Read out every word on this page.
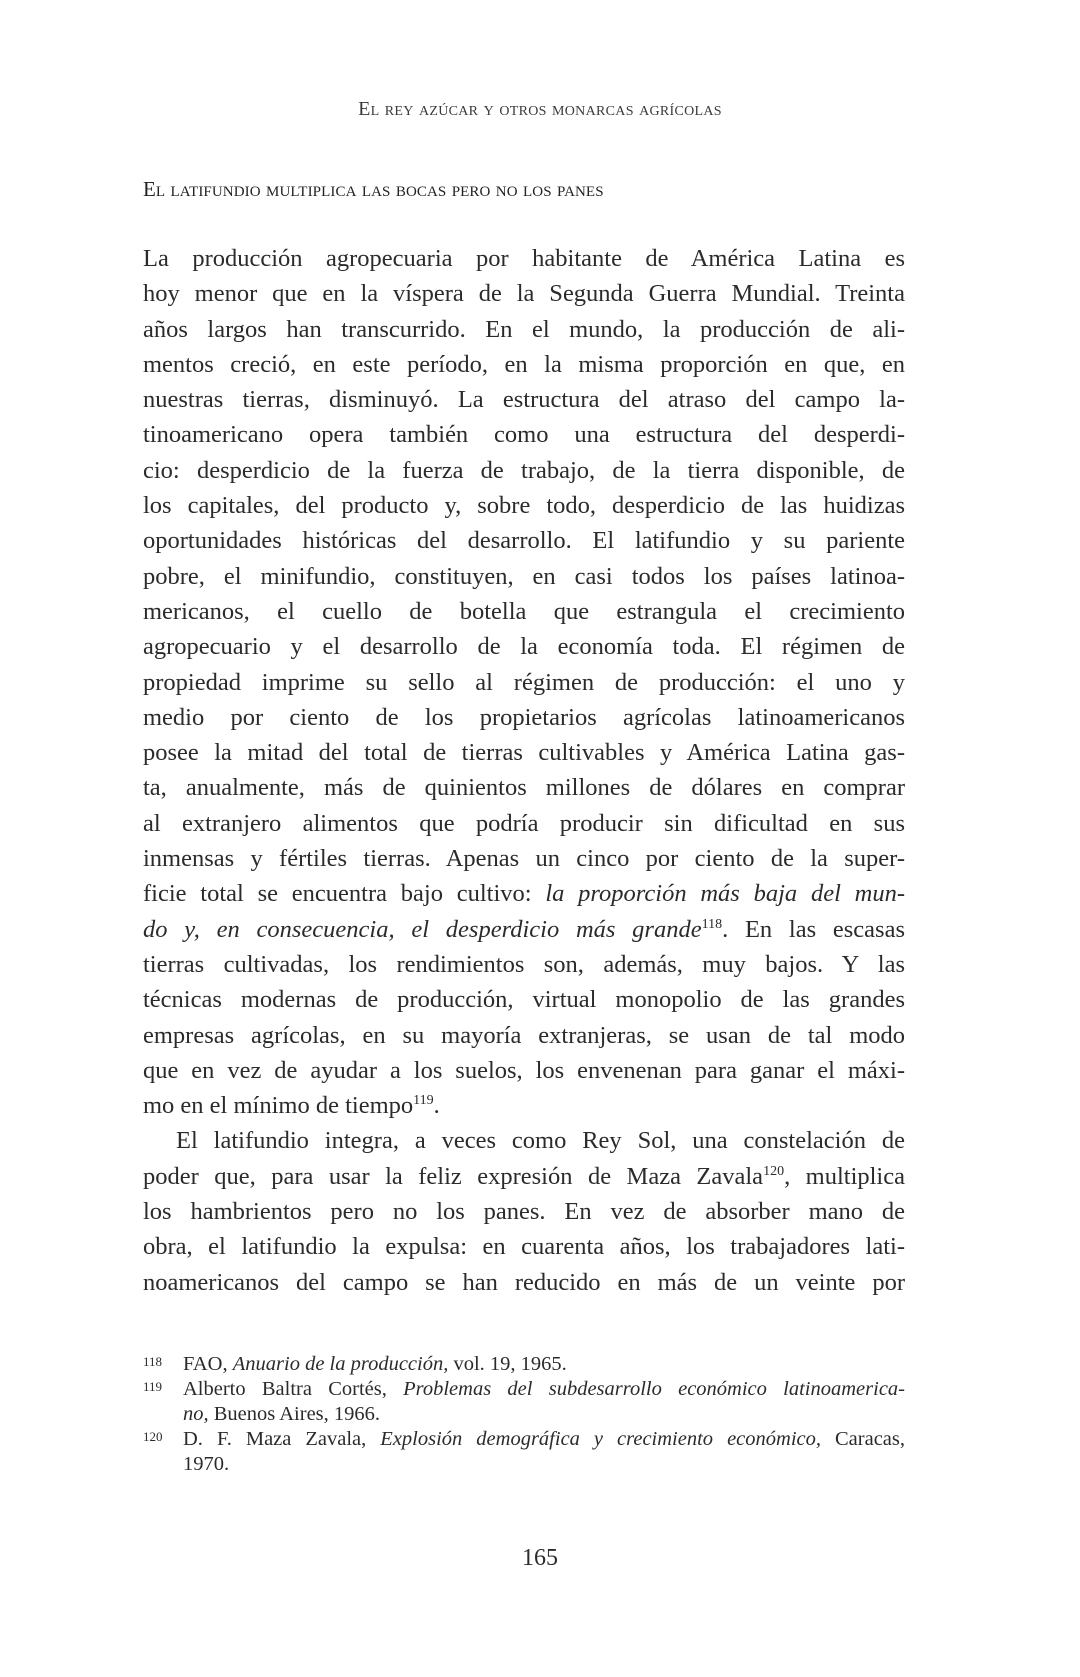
El rey azúcar y otros monarcas agrícolas
El latifundio multiplica las bocas pero no los panes

La producción agropecuaria por habitante de América Latina es
hoy menor que en la víspera de la Segunda Guerra Mundial. Treinta
años largos han transcurrido. En el mundo, la producción de ali-
mentos creció, en este período, en la misma proporción en que, en
nuestras tierras, disminuyó. La estructura del atraso del campo la-
tinoamericano opera también como una estructura del desperdi-
cio: desperdicio de la fuerza de trabajo, de la tierra disponible, de
los capitales, del producto y, sobre todo, desperdicio de las huidizas
oportunidades históricas del desarrollo. El latifundio y su pariente
pobre, el minifundio, constituyen, en casi todos los países latinoa-
mericanos, el cuello de botella que estrangula el crecimiento
agropecuario y el desarrollo de la economía toda. El régimen de
propiedad imprime su sello al régimen de producción: el uno y
medio por ciento de los propietarios agrícolas latinoamericanos
posee la mitad del total de tierras cultivables y América Latina gas-
ta, anualmente, más de quinientos millones de dólares en comprar
al extranjero alimentos que podría producir sin dificultad en sus
inmensas y fértiles tierras. Apenas un cinco por ciento de la super-
ficie total se encuentra bajo cultivo: la proporción más baja del mun-
do y, en consecuencia, el desperdicio más grande$^{118}$. En las escasas
tierras cultivadas, los rendimientos son, además, muy bajos. Y las
técnicas modernas de producción, virtual monopolio de las grandes
empresas agrícolas, en su mayoría extranjeras, se usan de tal modo
que en vez de ayudar a los suelos, los envenenan para ganar el máxi-
mo en el mínimo de tiempo$^{119}$.

El latifundio integra, a veces como Rey Sol, una constelación de
poder que, para usar la feliz expresión de Maza Zavala$^{120}$, multiplica
los hambrientos pero no los panes. En vez de absorber mano de
obra, el latifundio la expulsa: en cuarenta años, los trabajadores lati-
noamericanos del campo se han reducido en más de un veinte por

118 FAO, Anuario de la producción, vol. 19, 1965.
119 Alberto Baltra Cortés, Problemas del subdesarrollo económico latinoamerica-
no, Buenos Aires, 1966.
120 D. F. Maza Zavala, Explosión demográfica y crecimiento económico, Caracas,
1970.
165
